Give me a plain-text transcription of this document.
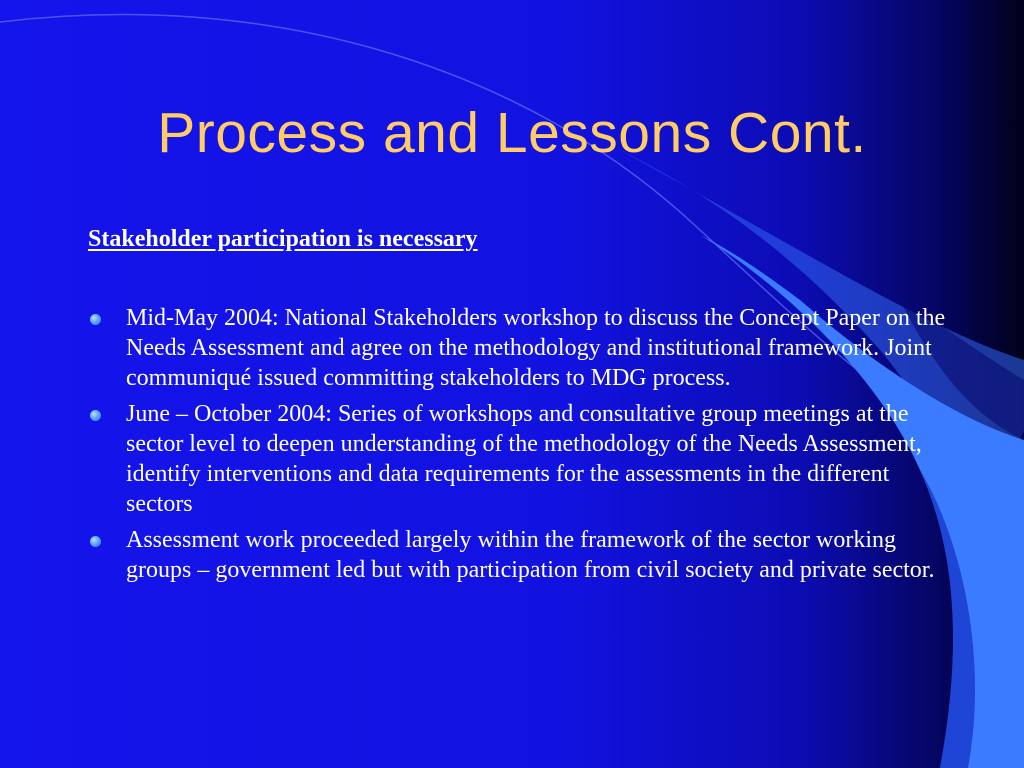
Process and Lessons Cont.
Stakeholder participation is necessary
Mid-May 2004: National Stakeholders workshop to discuss the Concept Paper on the Needs Assessment and agree on the methodology and institutional framework. Joint communiqué issued committing stakeholders to MDG process.
June – October 2004: Series of workshops and consultative group meetings at the sector level to deepen understanding of the methodology of the Needs Assessment, identify interventions and data requirements for the assessments in the different sectors
Assessment work proceeded largely within the framework of the sector working groups – government led but with participation from civil society and private sector.
